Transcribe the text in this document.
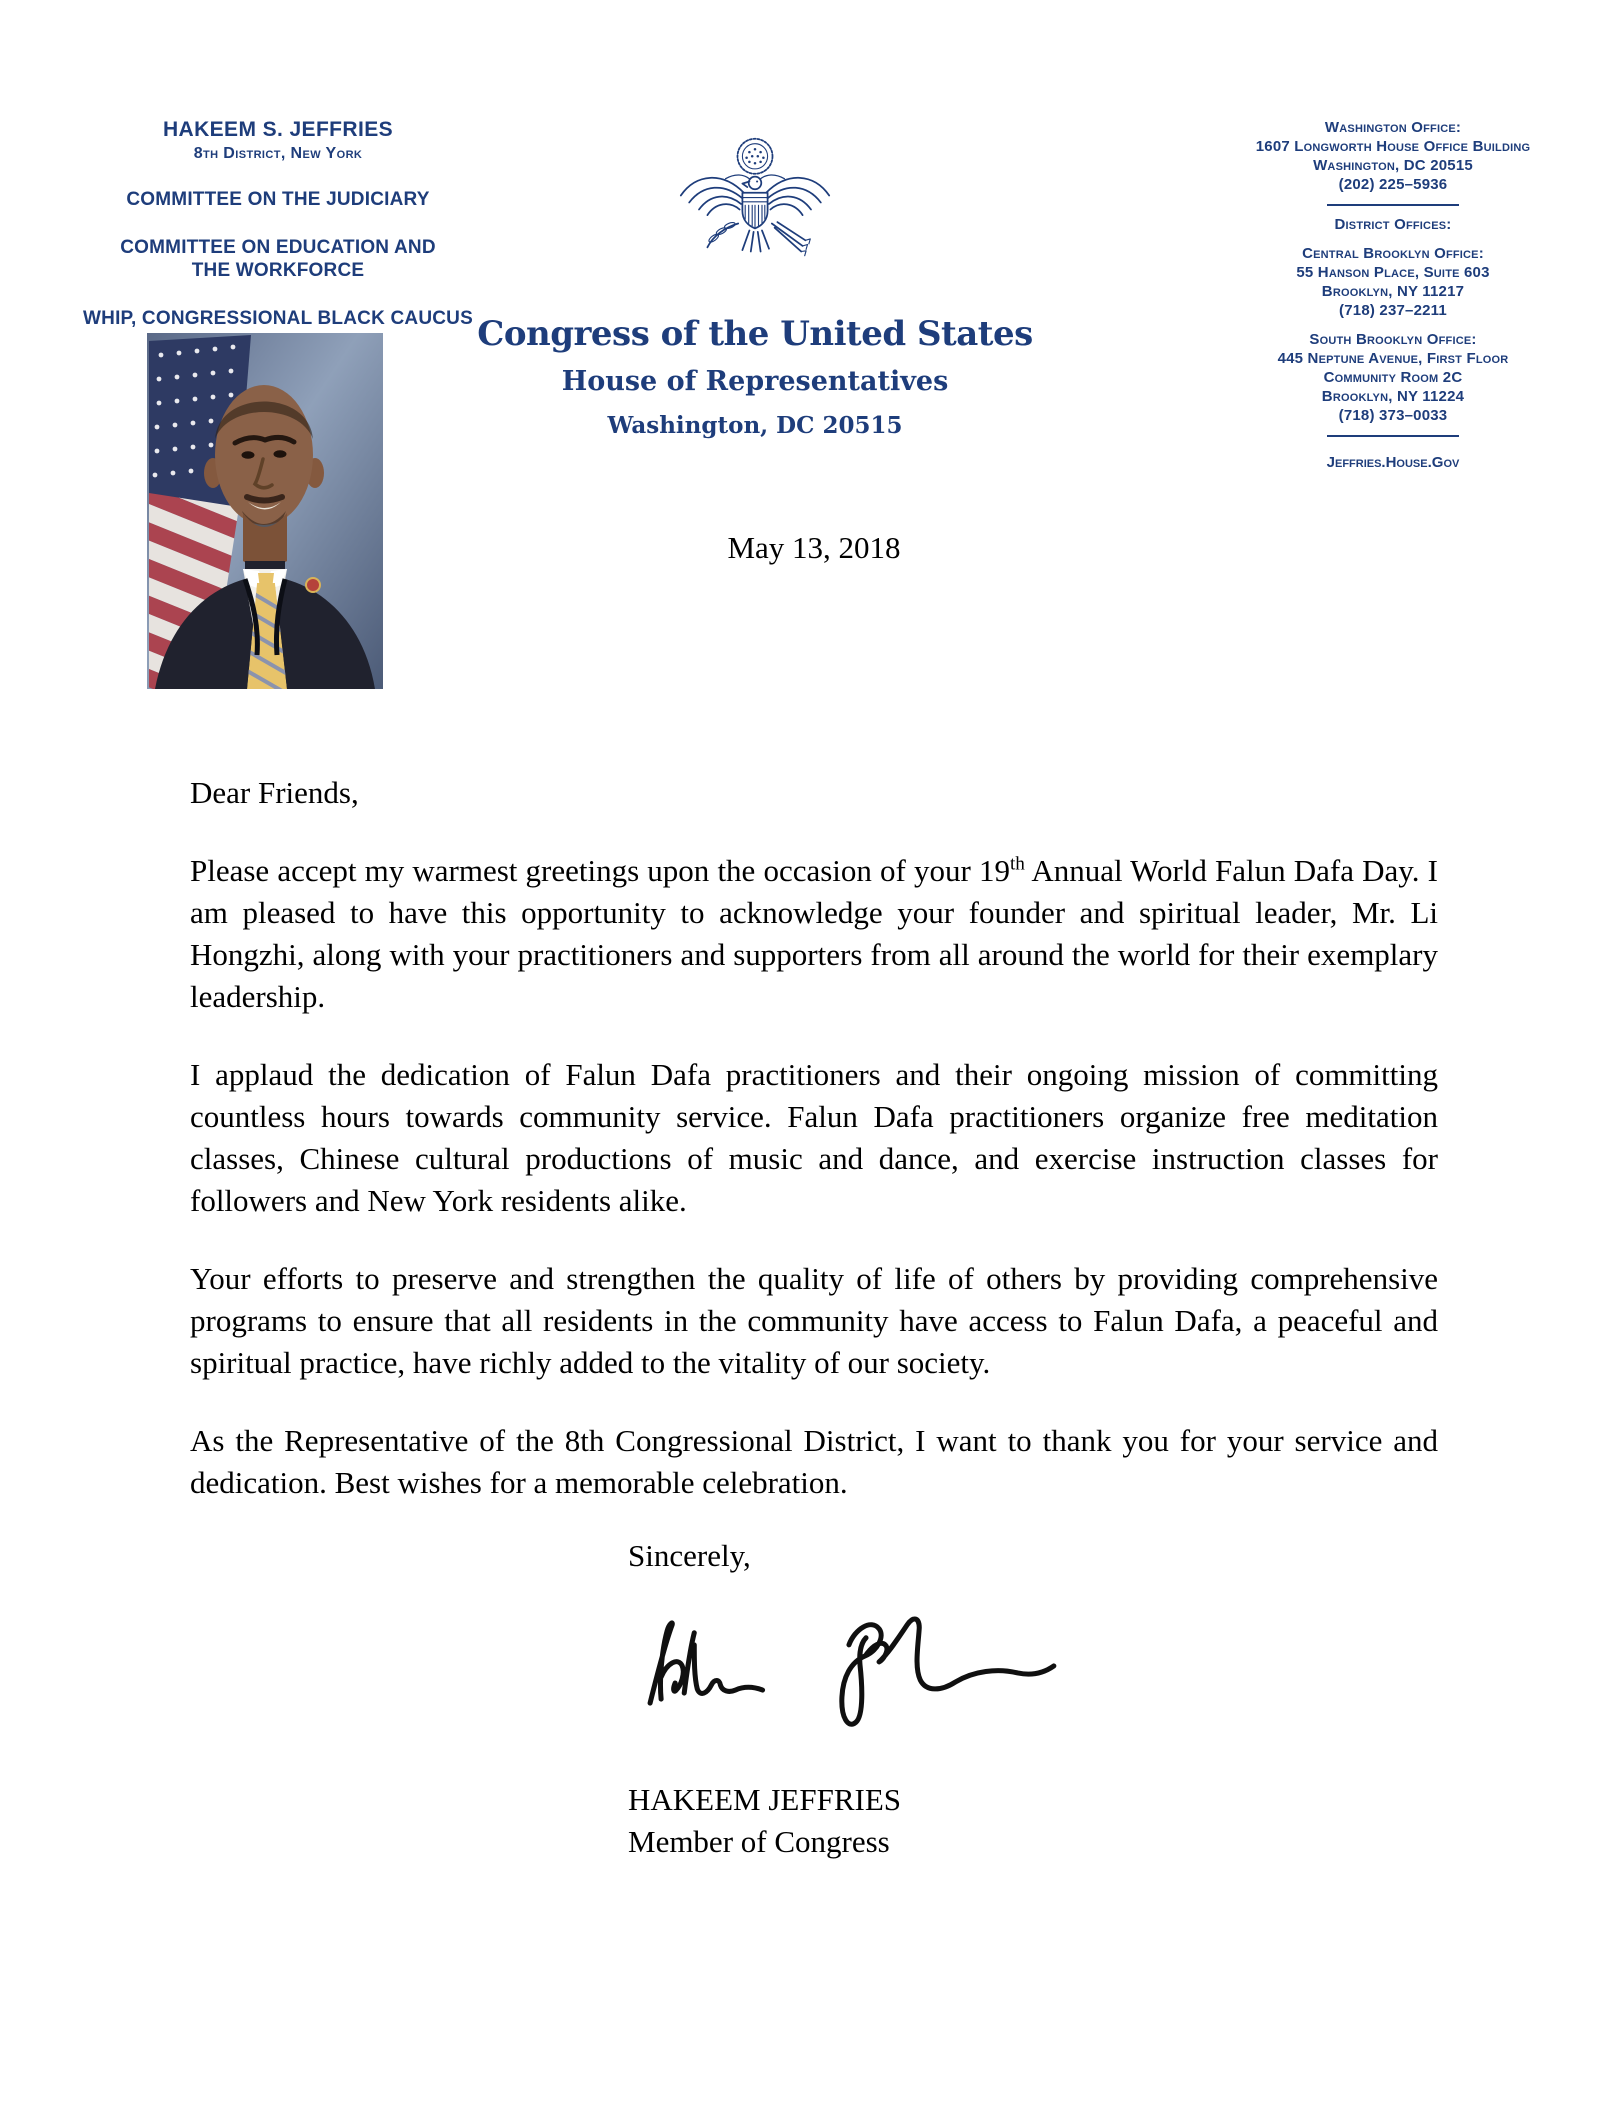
HAKEEM S. JEFFRIES
8th District, New York
COMMITTEE ON THE JUDICIARY
COMMITTEE ON EDUCATION AND THE WORKFORCE
WHIP, CONGRESSIONAL BLACK CAUCUS Congress of the United States
House of Representatives
Washington, DC 20515
Washington Office:
1607 Longworth House Office Building
Washington, DC 20515
(202) 225–5936
District Offices:
Central Brooklyn Office:
55 Hanson Place, Suite 603
Brooklyn, NY 11217
(718) 237–2211
South Brooklyn Office:
445 Neptune Avenue, First Floor
Community Room 2C
Brooklyn, NY 11224
(718) 373–0033
Jeffries.House.Gov
May 13, 2018

Dear Friends,

Please accept my warmest greetings upon the occasion of your 19th Annual World Falun Dafa Day. I am pleased to have this opportunity to acknowledge your founder and spiritual leader, Mr. Li Hongzhi, along with your practitioners and supporters from all around the world for their exemplary leadership.

I applaud the dedication of Falun Dafa practitioners and their ongoing mission of committing countless hours towards community service. Falun Dafa practitioners organize free meditation classes, Chinese cultural productions of music and dance, and exercise instruction classes for followers and New York residents alike.

Your efforts to preserve and strengthen the quality of life of others by providing comprehensive programs to ensure that all residents in the community have access to Falun Dafa, a peaceful and spiritual practice, have richly added to the vitality of our society.

As the Representative of the 8th Congressional District, I want to thank you for your service and dedication. Best wishes for a memorable celebration.

Sincerely,
HAKEEM JEFFRIES
Member of Congress
